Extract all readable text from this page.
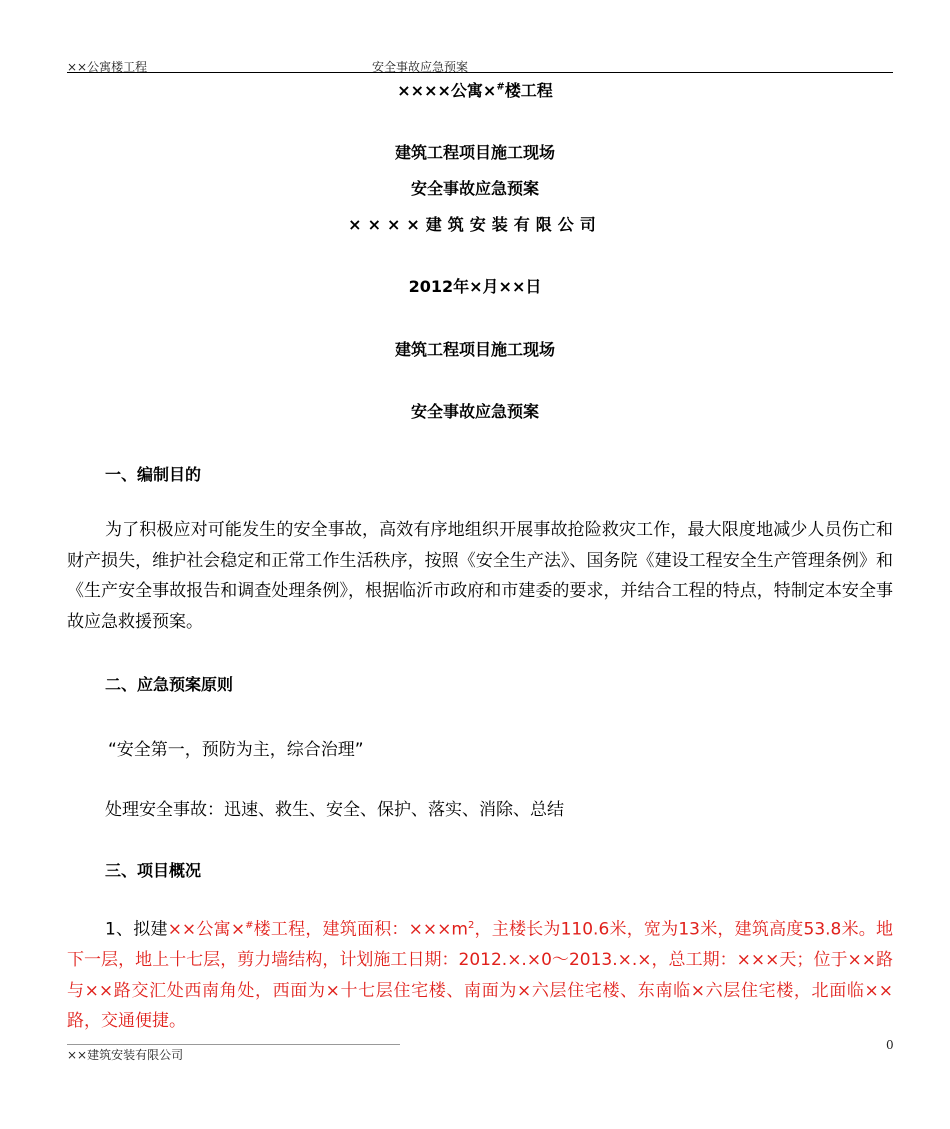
××公寓楼工程	安全事故应急预案
××××公寓×#楼工程
建筑工程项目施工现场
安全事故应急预案
××××建筑安装有限公司
2012年×月××日
建筑工程项目施工现场
安全事故应急预案
一、编制目的

为了积极应对可能发生的安全事故，高效有序地组织开展事故抢险救灾工作，最大限度地减少人员伤亡和财产损失，维护社会稳定和正常工作生活秩序，按照《安全生产法》、国务院《建设工程安全生产管理条例》和《生产安全事故报告和调查处理条例》，根据临沂市政府和市建委的要求，并结合工程的特点，特制定本安全事故应急救援预案。

二、应急预案原则
“安全第一，预防为主，综合治理”
处理安全事故：迅速、救生、安全、保护、落实、消除、总结
三、项目概况

1、拟建××公寓×#楼工程，建筑面积：$\times\times\times m^2$，主楼长为110.6米，宽为13米，建筑高度53.8米。地下一层，地上十七层，剪力墙结构，计划施工日期：2012.×.×0～2013.×.×，总工期：×××天；位于××路与××路交汇处西南角处，西面为×十七层住宅楼、南面为×六层住宅楼、东南临×六层住宅楼，北面临××路，交通便捷。

××建筑安装有限公司
0
